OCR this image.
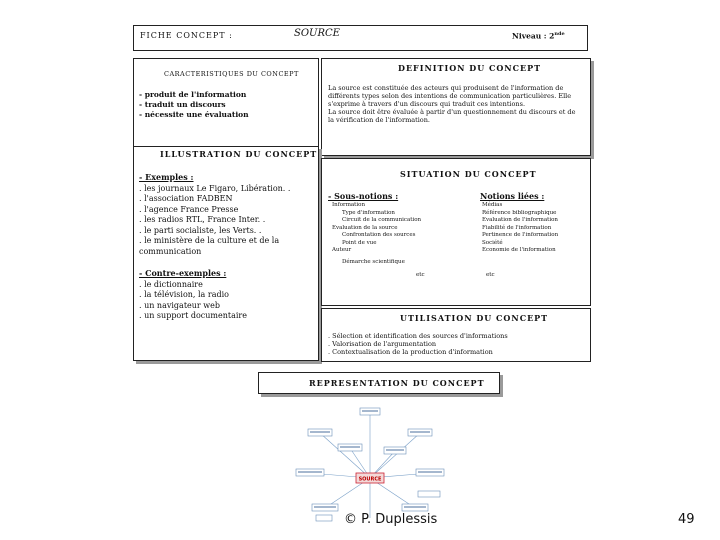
FICHE CONCEPT :	SOURCE	Niveau : 2nde
CARACTERISTIQUES DU CONCEPT
- produit de l'information
- traduit un discours
- nécessite une évaluation
DEFINITION DU CONCEPT
La source est constituée des acteurs qui produisent de l'information de
différents types selon des intentions de communication particulières. Elle
s'exprime à travers d'un discours qui traduit ces intentions.
La source doit être évaluée à partir d'un questionnement du discours et de
la vérification de l'information.
ILLUSTRATION DU CONCEPT
- Exemples :
. les journaux Le Figaro, Libération. .
. l'association FADBEN
. l'agence France Presse
. les radios RTL, France Inter. .
. le parti socialiste, les Verts. .
. le ministère de la culture et de la
communication
- Contre-exemples :
. le dictionnaire
. la télévision, la radio
. un navigateur web
. un support documentaire
SITUATION DU CONCEPT
- Sous-notions :
Information
Type d'information
Circuit de la communication
Evaluation de la source
Confrontation des sources
Point de vue
Auteur
Démarche scientifique
etc
Notions liées :
Médias
Référence bibliographique
Evaluation de l'information
Fiabilité de l'information
Pertinence de l'information
Société
Economie de l'information
etc
UTILISATION DU CONCEPT
. Sélection et identification des sources d'informations
. Valorisation de l'argumentation
. Contextualisation de la production d'information
REPRESENTATION DU CONCEPT
SOURCE
© P. Duplessis	49
